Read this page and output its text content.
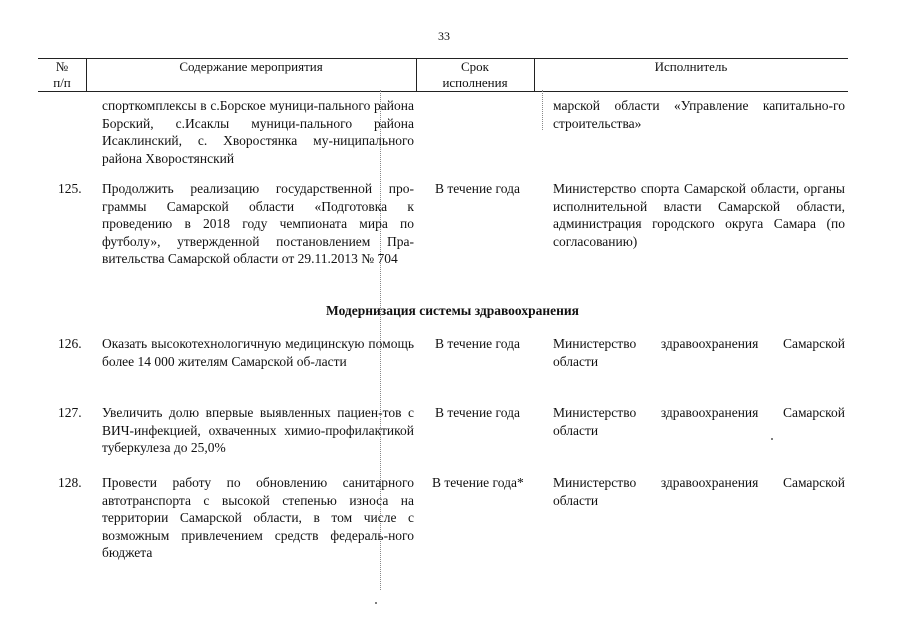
33
№
п/п
Содержание мероприятия	Срок
исполнения
Исполнитель
спорткомплексы в с.Борское муници-пального района Борский, с.Исаклы муници-пального района Исаклинский, с. Хворостянка му-ниципального района Хворостянский
марской области «Управление капитально-го строительства»
125. Продолжить реализацию государственной про-граммы Самарской области «Подготовка к проведению в 2018 году чемпионата мира по футболу», утвержденной постановлением Пра-вительства Самарской области от 29.11.2013 № 704
В течение года Министерство спорта Самарской области, органы исполнительной власти Самарской области, администрация городского округа Самара (по согласованию)
Модернизация системы здравоохранения
126. Оказать высокотехнологичную медицинскую помощь более 14 000 жителям Самарской об-ласти
В течение года Министерство здравоохранения Самарской области
127. Увеличить долю впервые выявленных пациен-тов с ВИЧ-инфекцией, охваченных химио-профилактикой туберкулеза до 25,0%
В течение года Министерство здравоохранения Самарской области
128. Провести работу по обновлению санитарного автотранспорта с высокой степенью износа на территории Самарской области, в том числе с возможным привлечением средств федераль-ного бюджета
В течение года* Министерство здравоохранения Самарской области
